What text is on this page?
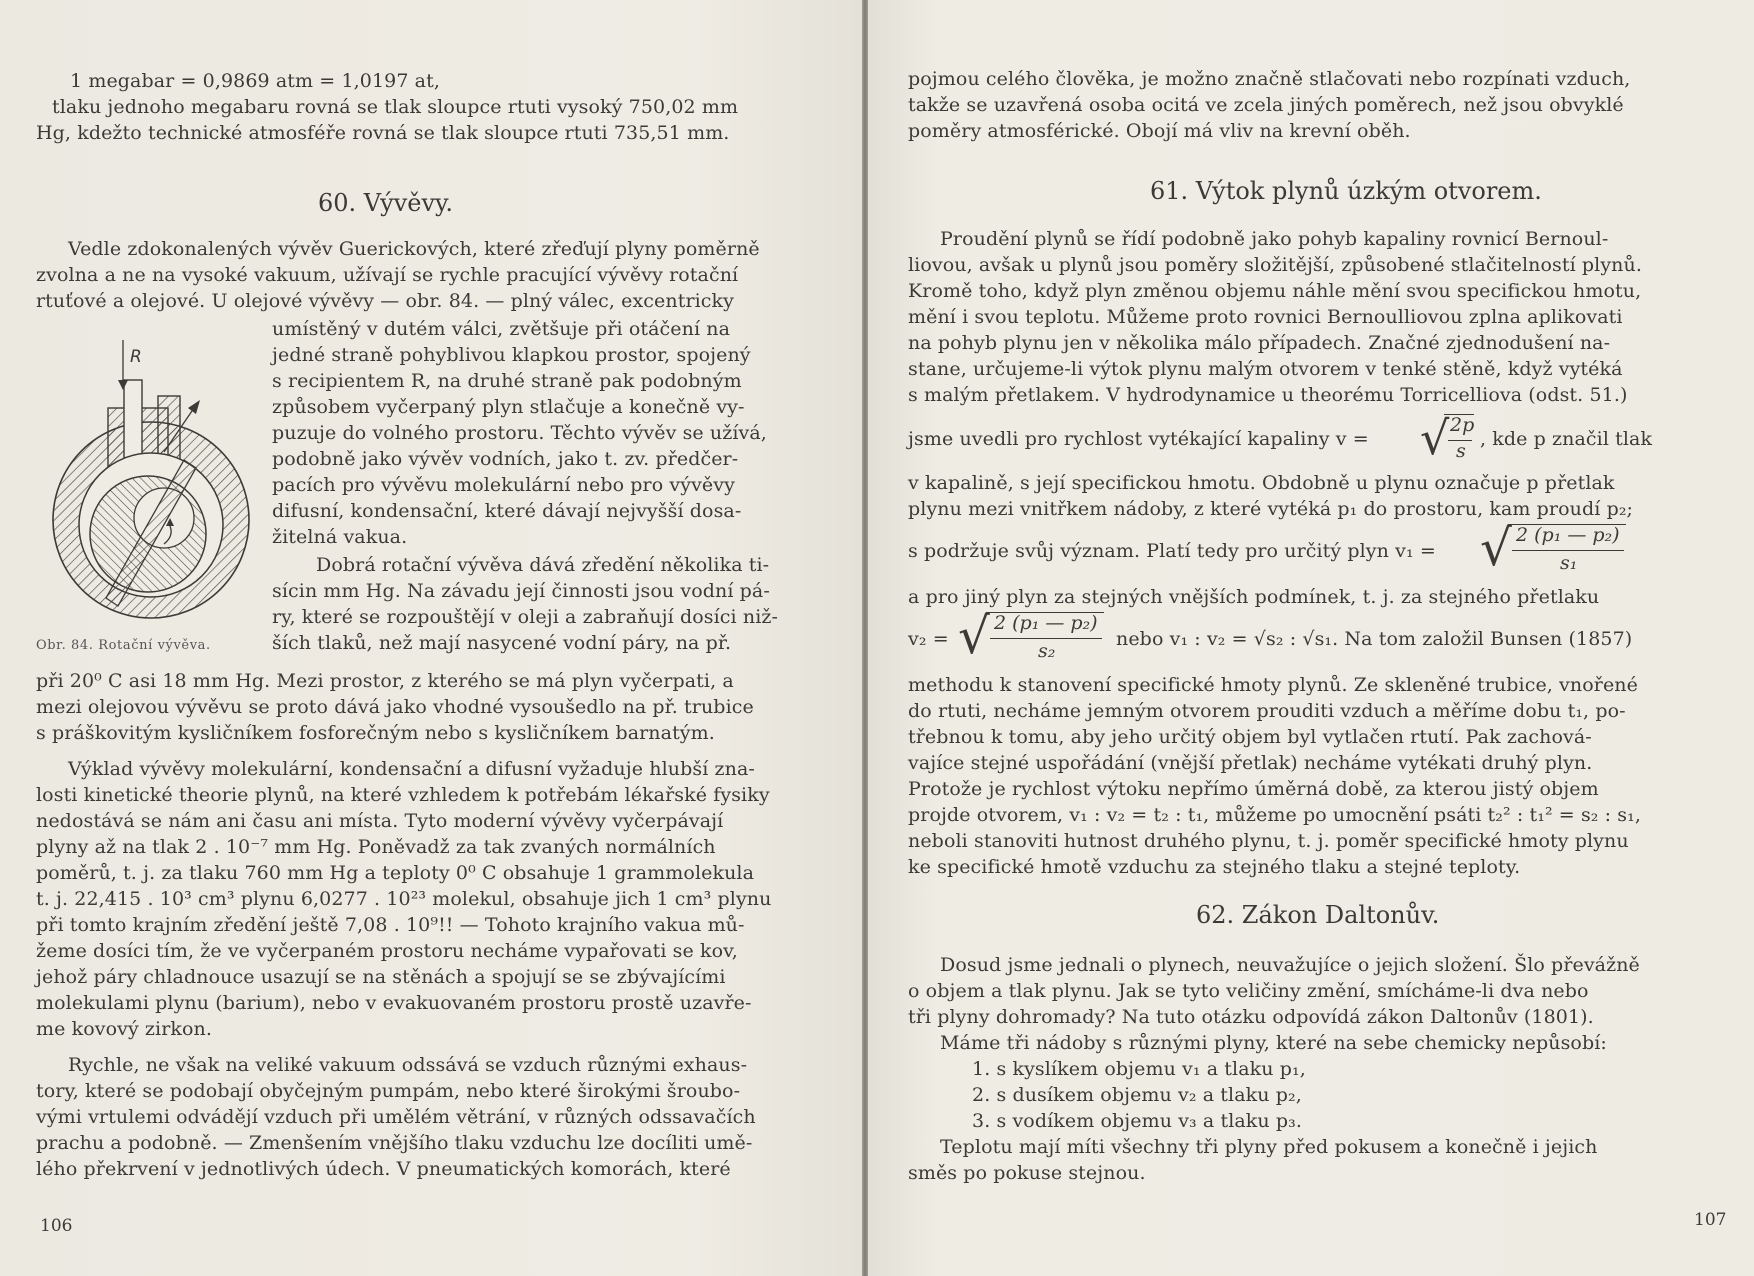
1 megabar = 0,9869 atm = 1,0197 at,
tlaku jednoho megabaru rovná se tlak sloupce rtuti vysoký 750,02 mm
Hg, kdežto technické atmosféře rovná se tlak sloupce rtuti 735,51 mm.
60. Vývěvy.
Vedle zdokonalených vývěv Guerickových, které zřeďují plyny poměrně
zvolna a ne na vysoké vakuum, užívají se rychle pracující vývěvy rotační
rtuťové a olejové. U olejové vývěvy — obr. 84. — plný válec, excentricky
umístěný v dutém válci, zvětšuje při otáčení na
jedné straně pohyblivou klapkou prostor, spojený
s recipientem R, na druhé straně pak podobným
způsobem vyčerpaný plyn stlačuje a konečně vy-
puzuje do volného prostoru. Těchto vývěv se užívá,
podobně jako vývěv vodních, jako t. zv. předčer-
pacích pro vývěvu molekulární nebo pro vývěvy
difusní, kondensační, které dávají nejvyšší dosa-
žitelná vakua.
Dobrá rotační vývěva dává zředění několika ti-
sícin mm Hg. Na závadu její činnosti jsou vodní pá-
ry, které se rozpouštějí v oleji a zabraňují dosíci niž-
ších tlaků, než mají nasycené vodní páry, na př.
R
Obr. 84. Rotační vývěva.
při 20⁰ C asi 18 mm Hg. Mezi prostor, z kterého se má plyn vyčerpati, a
mezi olejovou vývěvu se proto dává jako vhodné vysoušedlo na př. trubice
s práškovitým kysličníkem fosforečným nebo s kysličníkem barnatým.
Výklad vývěvy molekulární, kondensační a difusní vyžaduje hlubší zna-
losti kinetické theorie plynů, na které vzhledem k potřebám lékařské fysiky
nedostává se nám ani času ani místa. Tyto moderní vývěvy vyčerpávají
plyny až na tlak 2 . 10⁻⁷ mm Hg. Poněvadž za tak zvaných normálních
poměrů, t. j. za tlaku 760 mm Hg a teploty 0⁰ C obsahuje 1 grammolekula
t. j. 22,415 . 10³ cm³ plynu 6,0277 . 10²³ molekul, obsahuje jich 1 cm³ plynu
při tomto krajním zředění ještě 7,08 . 10⁹!! — Tohoto krajního vakua mů-
žeme dosíci tím, že ve vyčerpaném prostoru necháme vypařovati se kov,
jehož páry chladnouce usazují se na stěnách a spojují se se zbývajícími
molekulami plynu (barium), nebo v evakuovaném prostoru prostě uzavře-
me kovový zirkon.
Rychle, ne však na veliké vakuum odssává se vzduch různými exhaus-
tory, které se podobají obyčejným pumpám, nebo které širokými šroubo-
vými vrtulemi odvádějí vzduch při umělém větrání, v různých odssavačích
prachu a podobně. — Zmenšením vnějšího tlaku vzduchu lze docíliti umě-
lého překrvení v jednotlivých údech. V pneumatických komorách, které
106
pojmou celého člověka, je možno značně stlačovati nebo rozpínati vzduch,
takže se uzavřená osoba ocitá ve zcela jiných poměrech, než jsou obvyklé
poměry atmosférické. Obojí má vliv na krevní oběh.
61. Výtok plynů úzkým otvorem.
Proudění plynů se řídí podobně jako pohyb kapaliny rovnicí Bernoul-
liovou, avšak u plynů jsou poměry složitější, způsobené stlačitelností plynů.
Kromě toho, když plyn změnou objemu náhle mění svou specifickou hmotu,
mění i svou teplotu. Můžeme proto rovnici Bernoulliovou zplna aplikovati
na pohyb plynu jen v několika málo případech. Značné zjednodušení na-
stane, určujeme-li výtok plynu malým otvorem v tenké stěně, když vytéká
s malým přetlakem. V hydrodynamice u theorému Torricelliova (odst. 51.)
jsme uvedli pro rychlost vytékající kapaliny v = √ 2p
s
, kde p značil tlak
v kapalině, s její specifickou hmotu. Obdobně u plynu označuje p přetlak
plynu mezi vnitřkem nádoby, z které vytéká p₁ do prostoru, kam proudí p₂;
s podržuje svůj význam. Platí tedy pro určitý plyn v₁ = √ 2 (p₁ — p₂)
s₁
a pro jiný plyn za stejných vnějších podmínek, t. j. za stejného přetlaku
v₂ = √ 2 (p₁ — p₂)
s₂
nebo v₁ : v₂ = √s₂ : √s₁. Na tom založil Bunsen (1857)
methodu k stanovení specifické hmoty plynů. Ze skleněné trubice, vnořené
do rtuti, necháme jemným otvorem prouditi vzduch a měříme dobu t₁, po-
třebnou k tomu, aby jeho určitý objem byl vytlačen rtutí. Pak zachová-
vajíce stejné uspořádání (vnější přetlak) necháme vytékati druhý plyn.
Protože je rychlost výtoku nepřímo úměrná době, za kterou jistý objem
projde otvorem, v₁ : v₂ = t₂ : t₁, můžeme po umocnění psáti t₂² : t₁² = s₂ : s₁,
neboli stanoviti hutnost druhého plynu, t. j. poměr specifické hmoty plynu
ke specifické hmotě vzduchu za stejného tlaku a stejné teploty.
62. Zákon Daltonův.
Dosud jsme jednali o plynech, neuvažujíce o jejich složení. Šlo převážně
o objem a tlak plynu. Jak se tyto veličiny změní, smícháme-li dva nebo
tři plyny dohromady? Na tuto otázku odpovídá zákon Daltonův (1801).
Máme tři nádoby s různými plyny, které na sebe chemicky nepůsobí:
1. s kyslíkem objemu v₁ a tlaku p₁,
2. s dusíkem objemu v₂ a tlaku p₂,
3. s vodíkem objemu v₃ a tlaku p₃.
Teplotu mají míti všechny tři plyny před pokusem a konečně i jejich
směs po pokuse stejnou.
107
